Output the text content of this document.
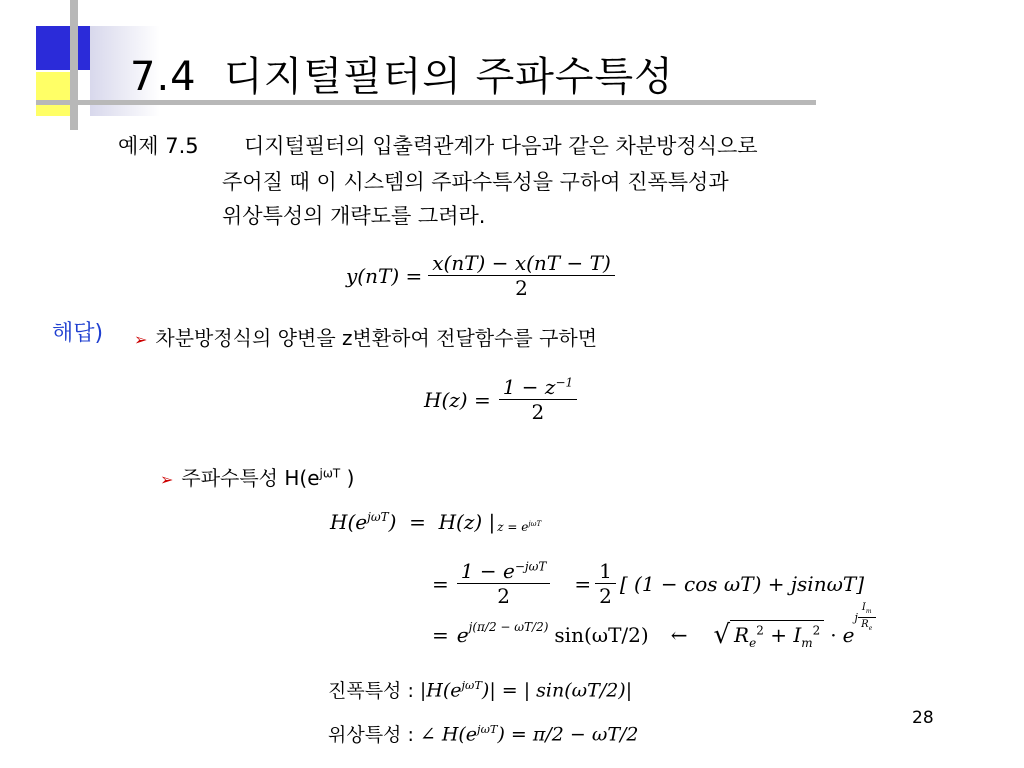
7.4  디지털필터의 주파수특성
예제 7.5 디지털필터의 입출력관계가 다음과 같은 차분방정식으로
주어질 때 이 시스템의 주파수특성을 구하여 진폭특성과
위상특성의 개략도를 그려라.
$y(nT) = \frac{x(nT) - x(nT - T)}{2}$
해답) ➢ 차분방정식의 양변을 z변환하여 전달함수를 구하면
$H(z) = \frac{1 - z^{-1}}{2}$
➢ 주파수특성 $H(e^{j\omega T}$ )
$H(e^{j\omega T}$ )  =  H(z) | $z = e^{j\omega T}$
= $\frac{1 - e^{-j\omega T}}{2} = \frac{1}{2}$ [ (1 − cos ωT) + jsinωT]
= $e^{j(\pi/2 - \omega T/2)}$ sin(ωT/2) ← √ $R_e^2 + I_m^2 \cdot e$
j $\frac{I_m}{R_e}$
진폭특성 : $|H(e^{j\omega T})|$ = | sin(ωT/2)|
위상특성 : ∠ $H(e^{j\omega T}) = \pi/2 - \omega T/2$
28
